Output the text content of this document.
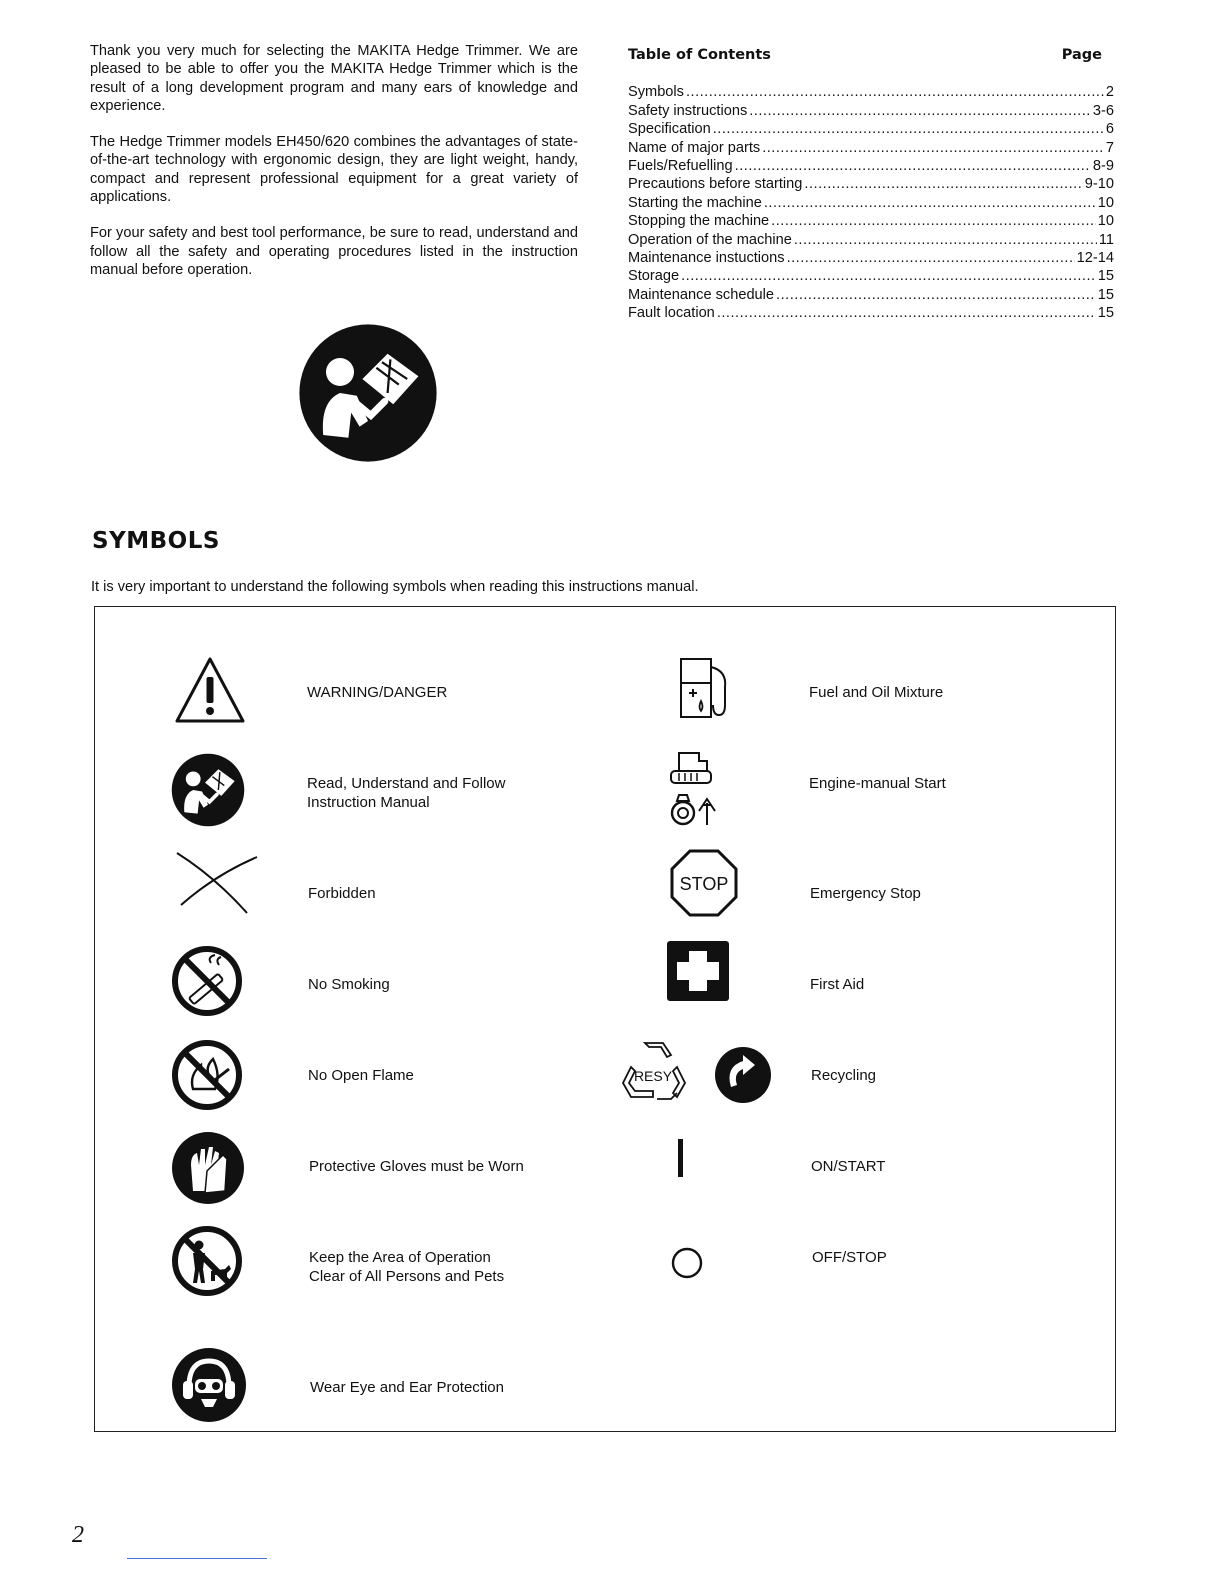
Thank you very much for selecting the MAKITA Hedge Trimmer. We are pleased to be able to offer you the MAKITA Hedge Trimmer which is the result of a long development program and many ears of knowledge and experience.

The Hedge Trimmer models EH450/620 combines the advantages of state-of-the-art technology with ergonomic design, they are light weight, handy, compact and represent professional equipment for a great variety of applications.

For your safety and best tool performance, be sure to read, understand and follow all the safety and operating procedures listed in the instruction manual before operation.

Table of Contents	Page
Symbols .....	2
Safety instructions .....	3-6
Specification .....	6
Name of major parts .....	7
Fuels/Refuelling .....	8-9
Precautions before starting .....	9-10
Starting the machine .....	10
Stopping the machine .....	10
Operation of the machine .....	11
Maintenance instuctions .....	12-14
Storage .....	15
Maintenance schedule .....	15
Fault location .....	15
SYMBOLS

It is very important to understand the following symbols when reading this instructions manual.

WARNING/DANGER
Read, Understand and Follow
Instruction Manual
Forbidden
No Smoking
No Open Flame
Protective Gloves must be Worn
Keep the Area of Operation
Clear of All Persons and Pets
Wear Eye and Ear Protection
Fuel and Oil Mixture
Engine-manual Start
STOP	Emergency Stop
First Aid
RESY	Recycling
ON/START
OFF/STOP
2
